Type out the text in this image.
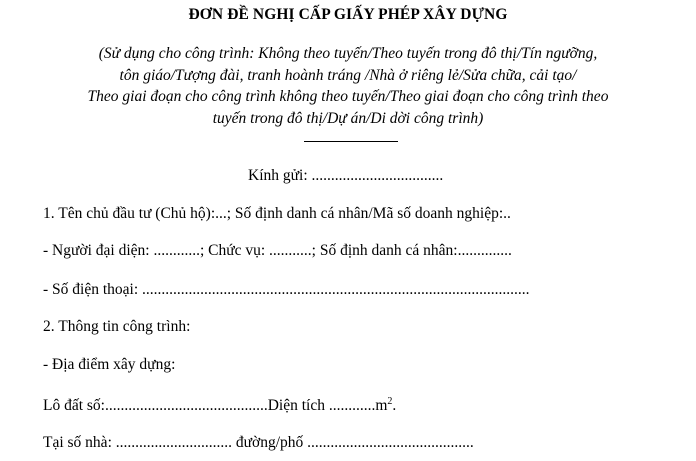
ĐƠN ĐỀ NGHỊ CẤP GIẤY PHÉP XÂY DỰNG
(Sử dụng cho công trình: Không theo tuyến/Theo tuyến trong đô thị/Tín ngưỡng,
tôn giáo/Tượng đài, tranh hoành tráng /Nhà ở riêng lẻ/Sửa chữa, cải tạo/
Theo giai đoạn cho công trình không theo tuyến/Theo giai đoạn cho công trình theo
tuyến trong đô thị/Dự án/Di dời công trình)
Kính gửi: ..................................
1. Tên chủ đầu tư (Chủ hộ):...; Số định danh cá nhân/Mã số doanh nghiệp:..
- Người đại diện: ............; Chức vụ: ...........; Số định danh cá nhân:..............
- Số điện thoại: ....................................................................................................
2. Thông tin công trình:
- Địa điểm xây dựng:
Lô đất số:..........................................Diện tích $............m^2$.
Tại số nhà: .............................. đường/phố ...........................................
